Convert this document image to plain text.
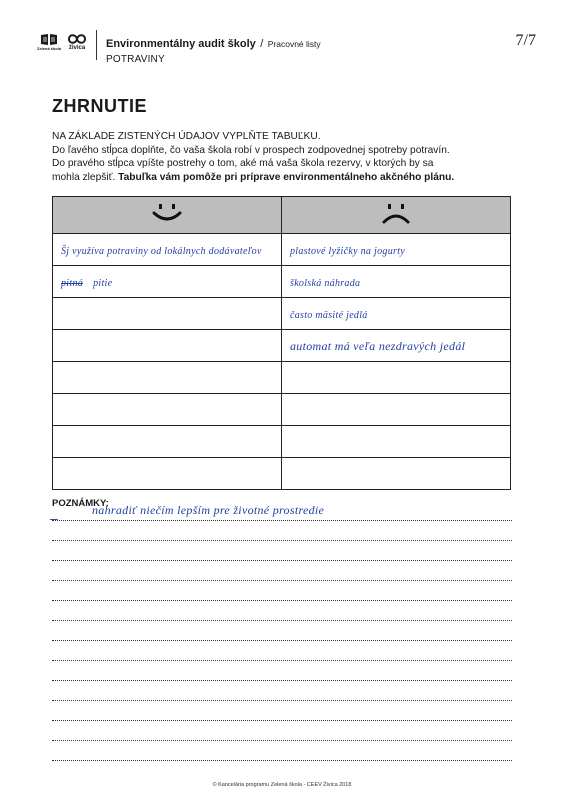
Zelená škola živica Environmentálny audit školy / Pracovné listy
POTRAVINY
7/7
ZHRNUTIE
NA ZÁKLADE ZISTENÝCH ÚDAJOV VYPLŇTE TABUĽKU.
Do ľavého stĺpca doplňte, čo vaša škola robí v prospech zodpovednej spotreby potravín.
Do pravého stĺpca vpíšte postrehy o tom, aké má vaša škola rezervy, v ktorých by sa
mohla zlepšiť. Tabuľka vám pomôže pri príprave environmentálneho akčného plánu.

Šj využíva potraviny od lokálnych dodávateľov	plastové lyžičky na jogurty
pitná pitie	školská náhrada
	často mäsité jedlá
	automat má veľa nezdravých jedál

POZNÁMKY:
–	nahradiť niečím lepším pre životné prostredie
© Kancelária programu Zelená škola - CEEV Živica 2018
